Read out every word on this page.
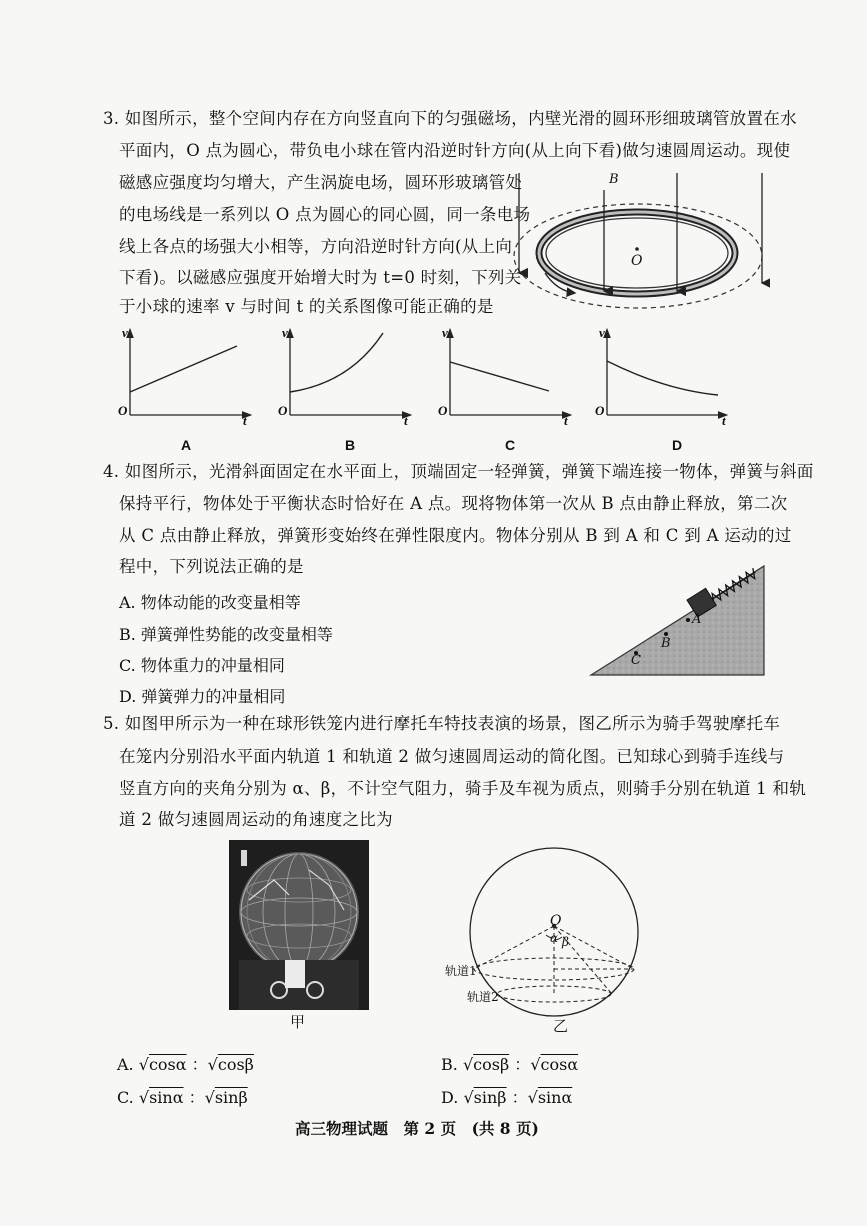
3. 如图所示，整个空间内存在方向竖直向下的匀强磁场，内壁光滑的圆环形细玻璃管放置在水
平面内，O 点为圆心，带负电小球在管内沿逆时针方向(从上向下看)做匀速圆周运动。现使
磁感应强度均匀增大，产生涡旋电场，圆环形玻璃管处
的电场线是一系列以 O 点为圆心的同心圆，同一条电场
线上各点的场强大小相等，方向沿逆时针方向(从上向
下看)。以磁感应强度开始增大时为 t=0 时刻，下列关
于小球的速率 v 与时间 t 的关系图像可能正确的是
B
O
v
O
t
A
v
O
t
B
v
O
t
C
v
O
t
D
4. 如图所示，光滑斜面固定在水平面上，顶端固定一轻弹簧，弹簧下端连接一物体，弹簧与斜面
保持平行，物体处于平衡状态时恰好在 A 点。现将物体第一次从 B 点由静止释放，第二次
从 C 点由静止释放，弹簧形变始终在弹性限度内。物体分别从 B 到 A 和 C 到 A 运动的过
程中，下列说法正确的是
A. 物体动能的改变量相等
B. 弹簧弹性势能的改变量相等
C. 物体重力的冲量相同
D. 弹簧弹力的冲量相同
A
B
C
5. 如图甲所示为一种在球形铁笼内进行摩托车特技表演的场景，图乙所示为骑手驾驶摩托车
在笼内分别沿水平面内轨道 1 和轨道 2 做匀速圆周运动的简化图。已知球心到骑手连线与
竖直方向的夹角分别为 α、β，不计空气阻力，骑手及车视为质点，则骑手分别在轨道 1 和轨
道 2 做匀速圆周运动的角速度之比为
甲
O
α β
轨道1
轨道2
乙
A. √cosα ：√cosβ	B. √cosβ ：√cosα
C. √sinα ：√sinβ	D. √sinβ ：√sinα
高三物理试题　第 2 页　(共 8 页)
